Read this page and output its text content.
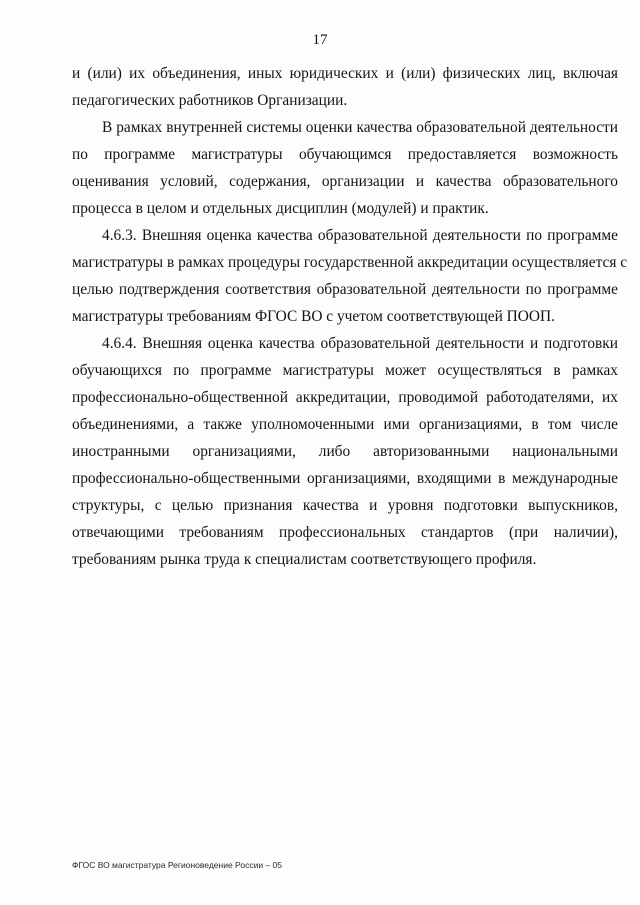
17
и (или) их объединения, иных юридических и (или) физических лиц, включая
педагогических работников Организации.
В рамках внутренней системы оценки качества образовательной деятельности
по программе магистратуры обучающимся предоставляется возможность
оценивания условий, содержания, организации и качества образовательного
процесса в целом и отдельных дисциплин (модулей) и практик.
4.6.3. Внешняя оценка качества образовательной деятельности по программе
магистратуры в рамках процедуры государственной аккредитации осуществляется с
целью подтверждения соответствия образовательной деятельности по программе
магистратуры требованиям ФГОС ВО с учетом соответствующей ПООП.
4.6.4. Внешняя оценка качества образовательной деятельности и подготовки
обучающихся по программе магистратуры может осуществляться в рамках
профессионально-общественной аккредитации, проводимой работодателями, их
объединениями, а также уполномоченными ими организациями, в том числе
иностранными организациями, либо авторизованными национальными
профессионально-общественными организациями, входящими в международные
структуры, с целью признания качества и уровня подготовки выпускников,
отвечающими требованиям профессиональных стандартов (при наличии),
требованиям рынка труда к специалистам соответствующего профиля.
ФГОС ВО магистратура Регионоведение России – 05
